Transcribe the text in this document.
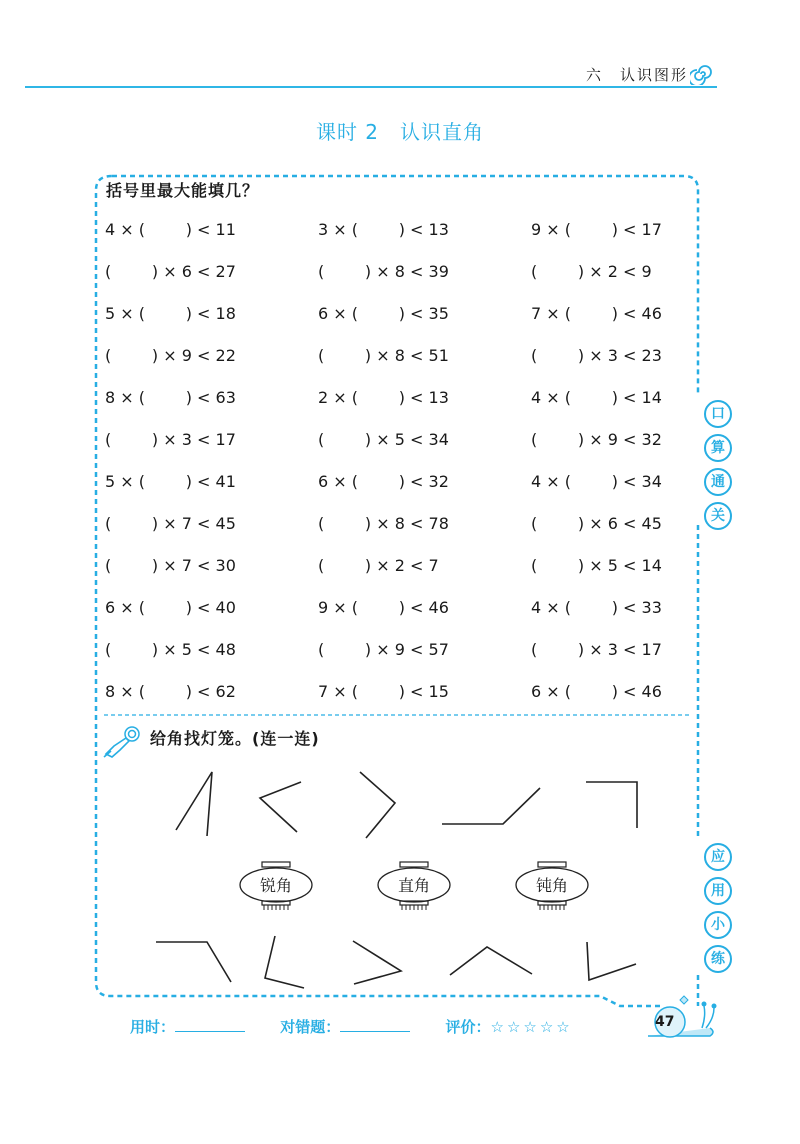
六　认识图形
课时 2　认识直角
括号里最大能填几？
4 × (        ) < 11	3 × (        ) < 13	9 × (        ) < 17
(        ) × 6 < 27	(        ) × 8 < 39	(        ) × 2 < 9
5 × (        ) < 18	6 × (        ) < 35	7 × (        ) < 46
(        ) × 9 < 22	(        ) × 8 < 51	(        ) × 3 < 23
8 × (        ) < 63	2 × (        ) < 13	4 × (        ) < 14
(        ) × 3 < 17	(        ) × 5 < 34	(        ) × 9 < 32
5 × (        ) < 41	6 × (        ) < 32	4 × (        ) < 34
(        ) × 7 < 45	(        ) × 8 < 78	(        ) × 6 < 45
(        ) × 7 < 30	(        ) × 2 < 7	(        ) × 5 < 14
6 × (        ) < 40	9 × (        ) < 46	4 × (        ) < 33
(        ) × 5 < 48	(        ) × 9 < 57	(        ) × 3 < 17
8 × (        ) < 62	7 × (        ) < 15	6 × (        ) < 46
给角找灯笼。(连一连)
锐角	直角	钝角
口
算
通
关
应
用
小
练
用时：	对错题：	评价：☆☆☆☆☆	47
